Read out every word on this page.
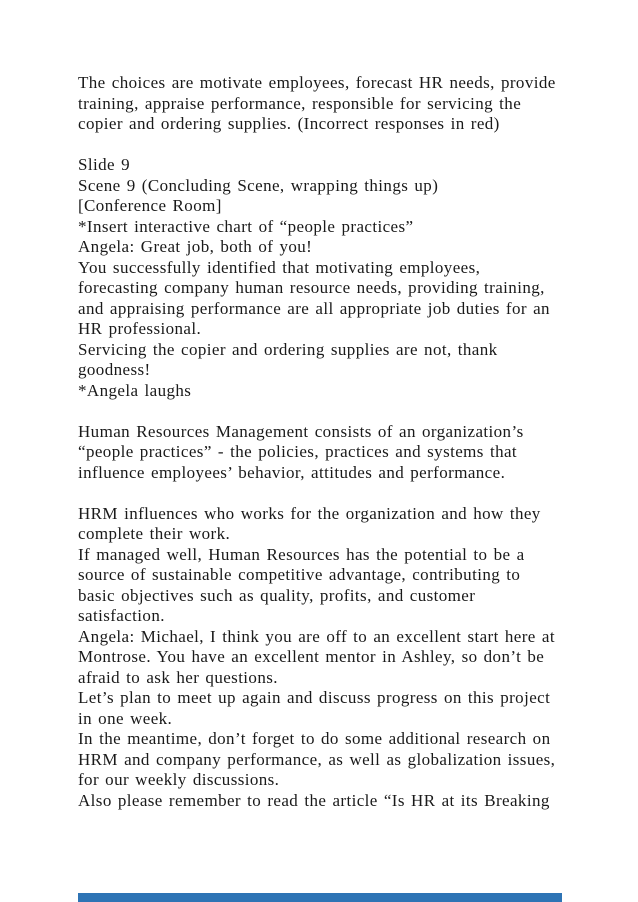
The choices are motivate employees, forecast HR needs, provide
training, appraise performance, responsible for servicing the
copier and ordering supplies. (Incorrect responses in red)
Slide 9
Scene 9 (Concluding Scene, wrapping things up)
[Conference Room]
*Insert interactive chart of “people practices”
Angela: Great job, both of you!
You successfully identified that motivating employees,
forecasting company human resource needs, providing training,
and appraising performance are all appropriate job duties for an
HR professional.
Servicing the copier and ordering supplies are not, thank
goodness!
*Angela laughs
Human Resources Management consists of an organization’s
“people practices” - the policies, practices and systems that
influence employees’ behavior, attitudes and performance.
HRM influences who works for the organization and how they
complete their work.
If managed well, Human Resources has the potential to be a
source of sustainable competitive advantage, contributing to
basic objectives such as quality, profits, and customer
satisfaction.
Angela: Michael, I think you are off to an excellent start here at
Montrose. You have an excellent mentor in Ashley, so don’t be
afraid to ask her questions.
Let’s plan to meet up again and discuss progress on this project
in one week.
In the meantime, don’t forget to do some additional research on
HRM and company performance, as well as globalization issues,
for our weekly discussions.
Also please remember to read the article “Is HR at its Breaking
